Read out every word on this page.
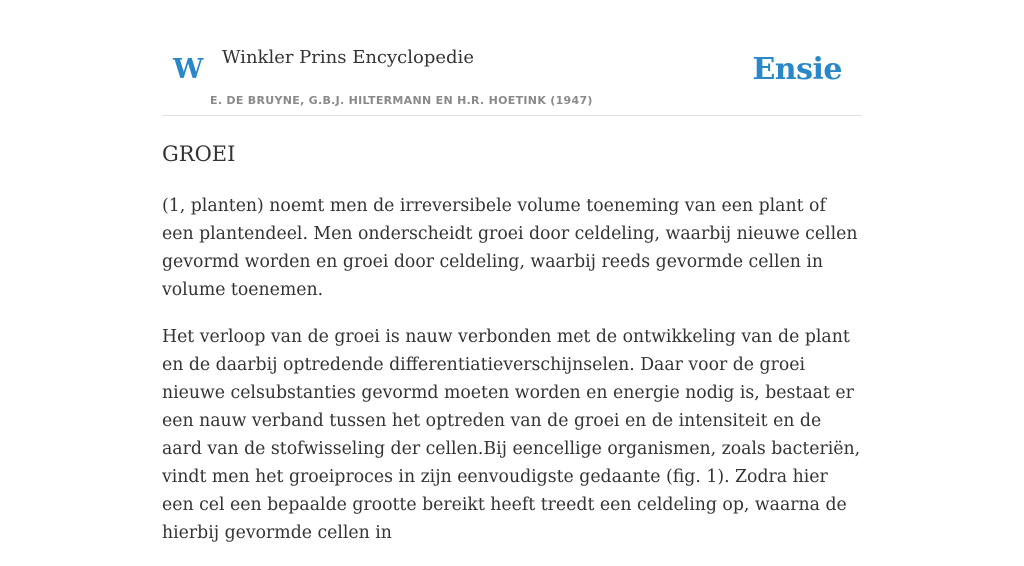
W Winkler Prins Encyclopedie
E. DE BRUYNE, G.B.J. HILTERMANN EN H.R. HOETINK (1947)
Ensie
GROEI

(1, planten) noemt men de irreversibele volume toeneming van een plant of een plantendeel. Men onderscheidt groei door celdeling, waarbij nieuwe cellen gevormd worden en groei door celdeling, waarbij reeds gevormde cellen in volume toenemen.

Het verloop van de groei is nauw verbonden met de ontwikkeling van de plant en de daarbij optredende differentiatieverschijnselen. Daar voor de groei nieuwe celsubstanties gevormd moeten worden en energie nodig is, bestaat er een nauw verband tussen het optreden van de groei en de intensiteit en de aard van de stofwisseling der cellen.Bij eencellige organismen, zoals bacteriën, vindt men het groeiproces in zijn eenvoudigste gedaante (fig. 1). Zodra hier een cel een bepaalde grootte bereikt heeft treedt een celdeling op, waarna de hierbij gevormde cellen in
